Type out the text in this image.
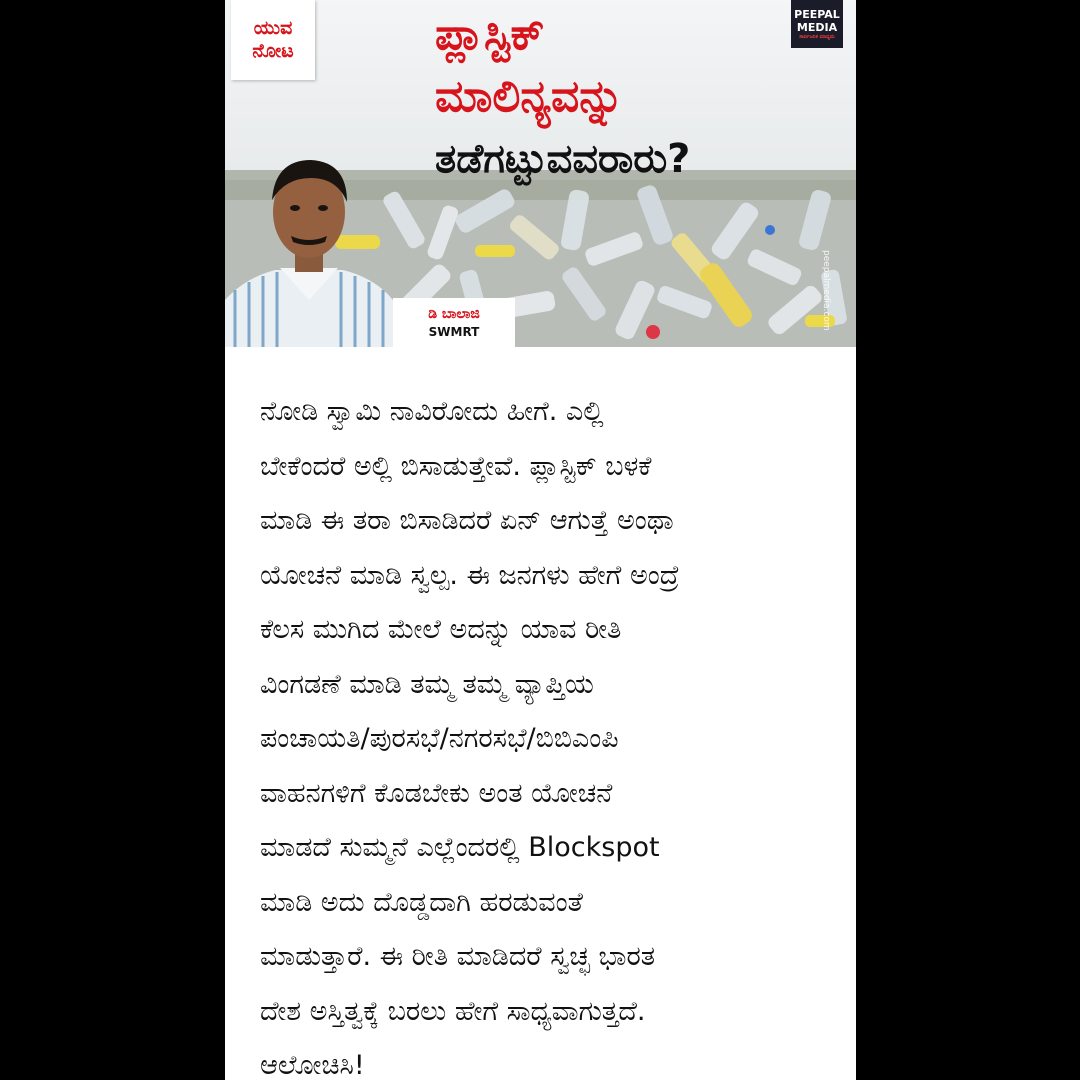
ಯುವ
ನೋಟ	ಪ್ಲಾಸ್ಟಿಕ್
ಮಾಲಿನ್ಯವನ್ನು
ತಡೆಗಟ್ಟುವವರಾರು?
PEEPAL
MEDIA
ಸಾರ್ವಜನಿಕ ಮಾಧ್ಯಮ
peepalmedia.com
ಡಿ ಬಾಲಾಜಿ
SWMRT
ನೋಡಿ ಸ್ವಾಮಿ ನಾವಿರೋದು ಹೀಗೆ. ಎಲ್ಲಿ
ಬೇಕೆಂದರೆ ಅಲ್ಲಿ ಬಿಸಾಡುತ್ತೇವೆ. ಪ್ಲಾಸ್ಟಿಕ್ ಬಳಕೆ
ಮಾಡಿ ಈ ತರಾ ಬಿಸಾಡಿದರೆ ಏನ್ ಆಗುತ್ತೆ ಅಂಥಾ
ಯೋಚನೆ ಮಾಡಿ ಸ್ವಲ್ಪ. ಈ ಜನಗಳು ಹೇಗೆ ಅಂದ್ರೆ
ಕೆಲಸ ಮುಗಿದ ಮೇಲೆ ಅದನ್ನು ಯಾವ ರೀತಿ
ವಿಂಗಡಣೆ ಮಾಡಿ ತಮ್ಮ ತಮ್ಮ ವ್ಯಾಪ್ತಿಯ
ಪಂಚಾಯತಿ/ಪುರಸಭೆ/ನಗರಸಭೆ/ಬಿಬಿಎಂಪಿ
ವಾಹನಗಳಿಗೆ ಕೊಡಬೇಕು ಅಂತ ಯೋಚನೆ
ಮಾಡದೆ ಸುಮ್ಮನೆ ಎಲ್ಲೆಂದರಲ್ಲಿ Blockspot
ಮಾಡಿ ಅದು ದೊಡ್ಡದಾಗಿ ಹರಡುವಂತೆ
ಮಾಡುತ್ತಾರೆ. ಈ ರೀತಿ ಮಾಡಿದರೆ ಸ್ವಚ್ಛ ಭಾರತ
ದೇಶ ಅಸ್ತಿತ್ವಕ್ಕೆ ಬರಲು ಹೇಗೆ ಸಾಧ್ಯವಾಗುತ್ತದೆ.
ಆಲೋಚಿಸಿ!
